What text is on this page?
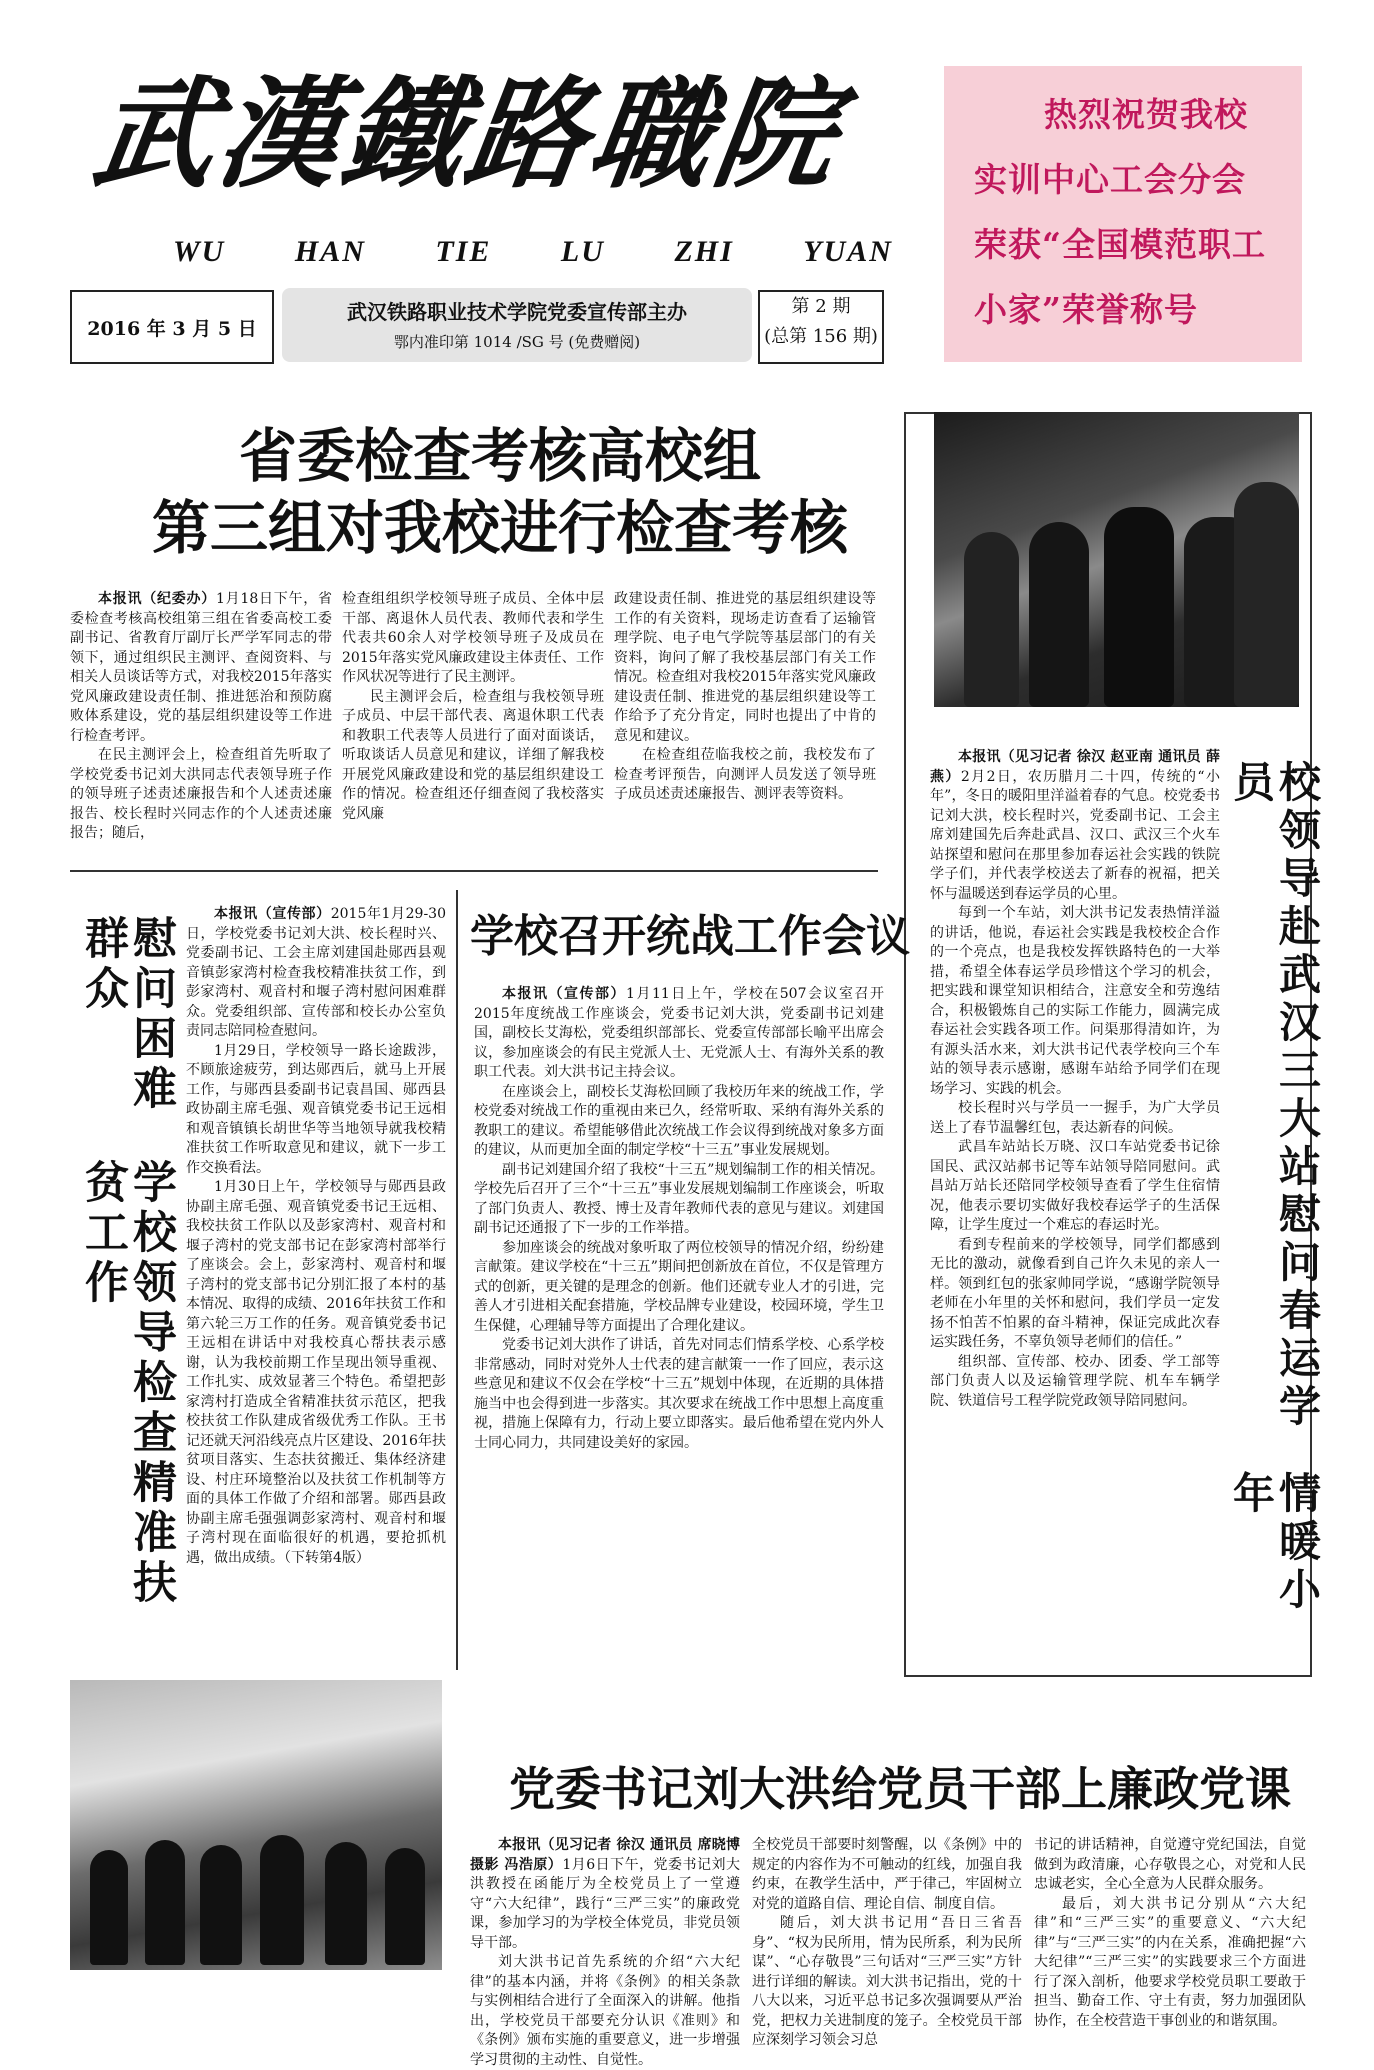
武漢鐵路職院
WU HAN TIE LU ZHI YUAN
2016 年 3 月 5 日
武汉铁路职业技术学院党委宣传部主办
鄂内准印第 1014 /SG 号 (免费赠阅)
第 2 期
(总第 156 期)
热烈祝贺我校
实训中心工会分会
荣获“全国模范职工
小家”荣誉称号
省委检查考核高校组
第三组对我校进行检查考核

本报讯（纪委办）1月18日下午，省委检查考核高校组第三组在省委高校工委副书记、省教育厅副厅长严学军同志的带领下，通过组织民主测评、查阅资料、与相关人员谈话等方式，对我校2015年落实党风廉政建设责任制、推进惩治和预防腐败体系建设，党的基层组织建设等工作进行检查考评。

在民主测评会上，检查组首先听取了学校党委书记刘大洪同志代表领导班子作的领导班子述责述廉报告和个人述责述廉报告、校长程时兴同志作的个人述责述廉报告；随后，

检查组组织学校领导班子成员、全体中层干部、离退休人员代表、教师代表和学生代表共60余人对学校领导班子及成员在2015年落实党风廉政建设主体责任、工作作风状况等进行了民主测评。

民主测评会后，检查组与我校领导班子成员、中层干部代表、离退休职工代表和教职工代表等人员进行了面对面谈话，听取谈话人员意见和建议，详细了解我校开展党风廉政建设和党的基层组织建设工作的情况。检查组还仔细查阅了我校落实党风廉

政建设责任制、推进党的基层组织建设等工作的有关资料，现场走访查看了运输管理学院、电子电气学院等基层部门的有关资料，询问了解了我校基层部门有关工作情况。检查组对我校2015年落实党风廉政建设责任制、推进党的基层组织建设等工作给予了充分肯定，同时也提出了中肯的意见和建议。

在检查组莅临我校之前，我校发布了检查考评预告，向测评人员发送了领导班子成员述责述廉报告、测评表等资料。

本报讯（见习记者 徐汉 赵亚南 通讯员 薛燕）2月2日，农历腊月二十四，传统的“小年”，冬日的暖阳里洋溢着春的气息。校党委书记刘大洪，校长程时兴，党委副书记、工会主席刘建国先后奔赴武昌、汉口、武汉三个火车站探望和慰问在那里参加春运社会实践的铁院学子们，并代表学校送去了新春的祝福，把关怀与温暖送到春运学员的心里。

每到一个车站，刘大洪书记发表热情洋溢的讲话，他说，春运社会实践是我校校企合作的一个亮点，也是我校发挥铁路特色的一大举措，希望全体春运学员珍惜这个学习的机会，把实践和课堂知识相结合，注意安全和劳逸结合，积极锻炼自己的实际工作能力，圆满完成春运社会实践各项工作。问渠那得清如许，为有源头活水来，刘大洪书记代表学校向三个车站的领导表示感谢，感谢车站给予同学们在现场学习、实践的机会。

校长程时兴与学员一一握手，为广大学员送上了春节温馨红包，表达新春的问候。

武昌车站站长万晓、汉口车站党委书记徐国民、武汉站郝书记等车站领导陪同慰问。武昌站万站长还陪同学校领导查看了学生住宿情况，他表示要切实做好我校春运学子的生活保障，让学生度过一个难忘的春运时光。

看到专程前来的学校领导，同学们都感到无比的激动，就像看到自己许久未见的亲人一样。领到红包的张家帅同学说，“感谢学院领导老师在小年里的关怀和慰问，我们学员一定发扬不怕苦不怕累的奋斗精神，保证完成此次春运实践任务，不辜负领导老师们的信任。”

组织部、宣传部、校办、团委、学工部等部门负责人以及运输管理学院、机车车辆学院、铁道信号工程学院党政领导陪同慰问。

情暖小年
校领导赴武汉三大站慰问春运学员
学校领导检查精准扶贫工作
慰问困难群众

本报讯（宣传部）2015年1月29-30日，学校党委书记刘大洪、校长程时兴、党委副书记、工会主席刘建国赴郧西县观音镇彭家湾村检查我校精准扶贫工作，到彭家湾村、观音村和堰子湾村慰问困难群众。党委组织部、宣传部和校长办公室负责同志陪同检查慰问。

1月29日，学校领导一路长途跋涉，不顾旅途疲劳，到达郧西后，就马上开展工作，与郧西县委副书记袁昌国、郧西县政协副主席毛强、观音镇党委书记王远相和观音镇镇长胡世华等当地领导就我校精准扶贫工作听取意见和建议，就下一步工作交换看法。

1月30日上午，学校领导与郧西县政协副主席毛强、观音镇党委书记王远相、我校扶贫工作队以及彭家湾村、观音村和堰子湾村的党支部书记在彭家湾村部举行了座谈会。会上，彭家湾村、观音村和堰子湾村的党支部书记分别汇报了本村的基本情况、取得的成绩、2016年扶贫工作和第六轮三万工作的任务。观音镇党委书记王远相在讲话中对我校真心帮扶表示感谢，认为我校前期工作呈现出领导重视、工作扎实、成效显著三个特色。希望把彭家湾村打造成全省精准扶贫示范区，把我校扶贫工作队建成省级优秀工作队。王书记还就天河沿线亮点片区建设、2016年扶贫项目落实、生态扶贫搬迁、集体经济建设、村庄环境整治以及扶贫工作机制等方面的具体工作做了介绍和部署。郧西县政协副主席毛强强调彭家湾村、观音村和堰子湾村现在面临很好的机遇，要抢抓机遇，做出成绩。（下转第4版）

学校召开统战工作会议

本报讯（宣传部）1月11日上午，学校在507会议室召开2015年度统战工作座谈会，党委书记刘大洪，党委副书记刘建国，副校长艾海松，党委组织部部长、党委宣传部部长喻平出席会议，参加座谈会的有民主党派人士、无党派人士、有海外关系的教职工代表。刘大洪书记主持会议。

在座谈会上，副校长艾海松回顾了我校历年来的统战工作，学校党委对统战工作的重视由来已久，经常听取、采纳有海外关系的教职工的建议。希望能够借此次统战工作会议得到统战对象多方面的建议，从而更加全面的制定学校“十三五”事业发展规划。

副书记刘建国介绍了我校“十三五”规划编制工作的相关情况。学校先后召开了三个“十三五”事业发展规划编制工作座谈会，听取了部门负责人、教授、博士及青年教师代表的意见与建议。刘建国副书记还通报了下一步的工作举措。

参加座谈会的统战对象听取了两位校领导的情况介绍，纷纷建言献策。建议学校在“十三五”期间把创新放在首位，不仅是管理方式的创新，更关键的是理念的创新。他们还就专业人才的引进，完善人才引进相关配套措施，学校品牌专业建设，校园环境，学生卫生保健，心理辅导等方面提出了合理化建议。

党委书记刘大洪作了讲话，首先对同志们情系学校、心系学校非常感动，同时对党外人士代表的建言献策一一作了回应，表示这些意见和建议不仅会在学校“十三五”规划中体现，在近期的具体措施当中也会得到进一步落实。其次要求在统战工作中思想上高度重视，措施上保障有力，行动上要立即落实。最后他希望在党内外人士同心同力，共同建设美好的家园。

党委书记刘大洪给党员干部上廉政党课

本报讯（见习记者 徐汉 通讯员 席晓博 摄影 冯浩原）1月6日下午，党委书记刘大洪教授在函能厅为全校党员上了一堂遵守“六大纪律”，践行“三严三实”的廉政党课，参加学习的为学校全体党员，非党员领导干部。

刘大洪书记首先系统的介绍“六大纪律”的基本内涵，并将《条例》的相关条款与实例相结合进行了全面深入的讲解。他指出，学校党员干部要充分认识《准则》和《条例》颁布实施的重要意义，进一步增强学习贯彻的主动性、自觉性。

全校党员干部要时刻警醒，以《条例》中的规定的内容作为不可触动的红线，加强自我约束，在教学生活中，严于律己，牢固树立对党的道路自信、理论自信、制度自信。

随后，刘大洪书记用“吾日三省吾身”、“权为民所用，情为民所系，利为民所谋”、“心存敬畏”三句话对“三严三实”方针进行详细的解读。刘大洪书记指出，党的十八大以来，习近平总书记多次强调要从严治党，把权力关进制度的笼子。全校党员干部应深刻学习领会习总

书记的讲话精神，自觉遵守党纪国法，自觉做到为政清廉，心存敬畏之心，对党和人民忠诚老实，全心全意为人民群众服务。

最后，刘大洪书记分别从“六大纪律”和“三严三实”的重要意义、“六大纪律”与“三严三实”的内在关系，准确把握“六大纪律”“三严三实”的实践要求三个方面进行了深入剖析，他要求学校党员职工要敢于担当、勤奋工作、守土有责，努力加强团队协作，在全校营造干事创业的和谐氛围。
